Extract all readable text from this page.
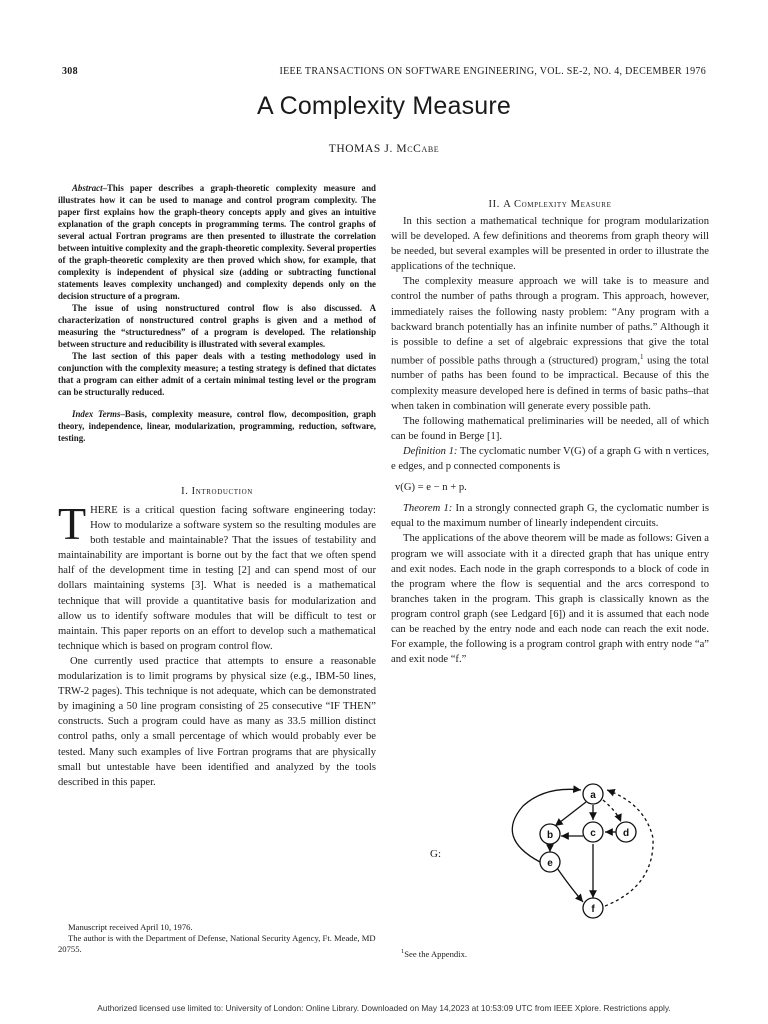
308	IEEE TRANSACTIONS ON SOFTWARE ENGINEERING, VOL. SE-2, NO. 4, DECEMBER 1976
A Complexity Measure
THOMAS J. McCabe

Abstract–This paper describes a graph-theoretic complexity measure and illustrates how it can be used to manage and control program complexity. The paper first explains how the graph-theory concepts apply and gives an intuitive explanation of the graph concepts in programming terms. The control graphs of several actual Fortran programs are then presented to illustrate the correlation between intuitive complexity and the graph-theoretic complexity. Several properties of the graph-theoretic complexity are then proved which show, for example, that complexity is independent of physical size (adding or subtracting functional statements leaves complexity unchanged) and complexity depends only on the decision structure of a program.

The issue of using nonstructured control flow is also discussed. A characterization of nonstructured control graphs is given and a method of measuring the “structuredness” of a program is developed. The relationship between structure and reducibility is illustrated with several examples.

The last section of this paper deals with a testing methodology used in conjunction with the complexity measure; a testing strategy is defined that dictates that a program can either admit of a certain minimal testing level or the program can be structurally reduced.

Index Terms–Basis, complexity measure, control flow, decomposition, graph theory, independence, linear, modularization, programming, reduction, software, testing.
I. Introduction

THERE is a critical question facing software engineering today: How to modularize a software system so the resulting modules are both testable and maintainable? That the issues of testability and maintainability are important is borne out by the fact that we often spend half of the development time in testing [2] and can spend most of our dollars maintaining systems [3]. What is needed is a mathematical technique that will provide a quantitative basis for modularization and allow us to identify software modules that will be difficult to test or maintain. This paper reports on an effort to develop such a mathematical technique which is based on program control flow.

One currently used practice that attempts to ensure a reasonable modularization is to limit programs by physical size (e.g., IBM-50 lines, TRW-2 pages). This technique is not adequate, which can be demonstrated by imagining a 50 line program consisting of 25 consecutive “IF THEN” constructs. Such a program could have as many as 33.5 million distinct control paths, only a small percentage of which would probably ever be tested. Many such examples of live Fortran programs that are physically small but untestable have been identified and analyzed by the tools described in this paper.

Manuscript received April 10, 1976.
The author is with the Department of Defense, National Security Agency, Ft. Meade, MD 20755.
II. A Complexity Measure

In this section a mathematical technique for program modularization will be developed. A few definitions and theorems from graph theory will be needed, but several examples will be presented in order to illustrate the applications of the technique.

The complexity measure approach we will take is to measure and control the number of paths through a program. This approach, however, immediately raises the following nasty problem: “Any program with a backward branch potentially has an infinite number of paths.” Although it is possible to define a set of algebraic expressions that give the total number of possible paths through a (structured) program,$^1$ using the total number of paths has been found to be impractical. Because of this the complexity measure developed here is defined in terms of basic paths–that when taken in combination will generate every possible path.

The following mathematical preliminaries will be needed, all of which can be found in Berge [1].

Definition 1: The cyclomatic number V(G) of a graph G with n vertices, e edges, and p connected components is

v(G) = e − n + p.

Theorem 1: In a strongly connected graph G, the cyclomatic number is equal to the maximum number of linearly independent circuits.

The applications of the above theorem will be made as follows: Given a program we will associate with it a directed graph that has unique entry and exit nodes. Each node in the graph corresponds to a block of code in the program where the flow is sequential and the arcs correspond to branches taken in the program. This graph is classically known as the program control graph (see Ledgard [6]) and it is assumed that each node can be reached by the entry node and each node can reach the exit node. For example, the following is a program control graph with entry node “a” and exit node “f.”

G:
a
b	c	d
e
f
$^1$See the Appendix.
Authorized licensed use limited to: University of London: Online Library. Downloaded on May 14,2023 at 10:53:09 UTC from IEEE Xplore. Restrictions apply.
